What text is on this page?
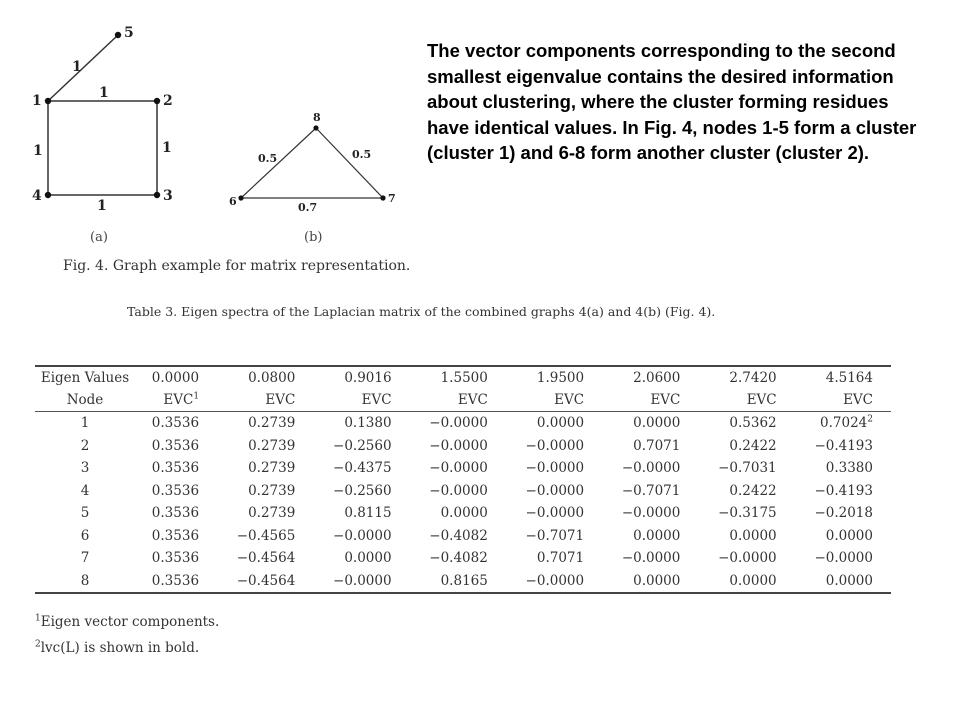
5
1	2
4	3
1
1
1	1
1
8
6	7
0.5	0.5
0.7
(a)	(b)
Fig. 4. Graph example for matrix representation.
The vector components corresponding to the second smallest eigenvalue contains the desired information about clustering, where the cluster forming residues have identical values. In Fig. 4, nodes 1-5 form a cluster (cluster 1) and 6-8 form another cluster (cluster 2).
Table 3. Eigen spectra of the Laplacian matrix of the combined graphs 4(a) and 4(b) (Fig. 4).
Eigen Values	0.0000	0.0800	0.9016	1.5500	1.9500	2.0600	2.7420	4.5164
Node	EVC$^1$	EVC	EVC	EVC	EVC	EVC	EVC	EVC
1	0.3536	0.2739	0.1380	−0.0000	0.0000	0.0000	0.5362	0.7024$^2$
2	0.3536	0.2739	−0.2560	−0.0000	−0.0000	0.7071	0.2422	−0.4193
3	0.3536	0.2739	−0.4375	−0.0000	−0.0000	−0.0000	−0.7031	0.3380
4	0.3536	0.2739	−0.2560	−0.0000	−0.0000	−0.7071	0.2422	−0.4193
5	0.3536	0.2739	0.8115	0.0000	−0.0000	−0.0000	−0.3175	−0.2018
6	0.3536	−0.4565	−0.0000	−0.4082	−0.7071	0.0000	0.0000	0.0000
7	0.3536	−0.4564	0.0000	−0.4082	0.7071	−0.0000	−0.0000	−0.0000
8	0.3536	−0.4564	−0.0000	0.8165	−0.0000	0.0000	0.0000	0.0000
$^1$Eigen vector components.
$^2$lvc(L) is shown in bold.
